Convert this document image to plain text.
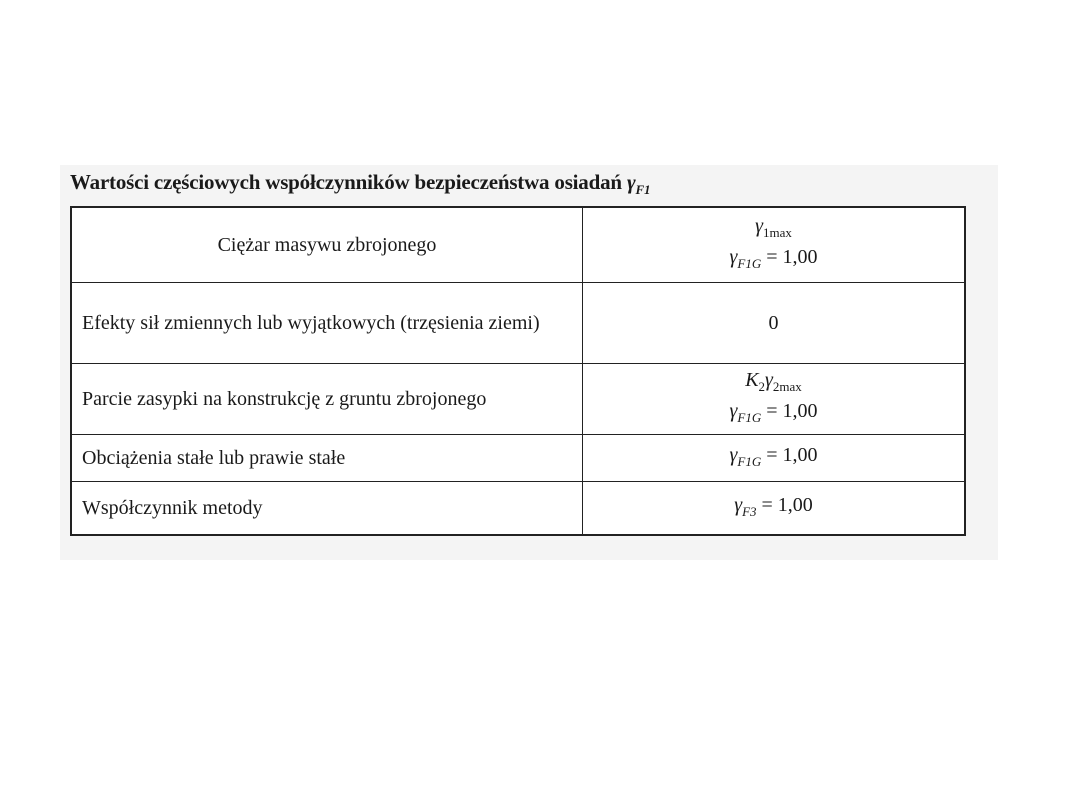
Wartości częściowych współczynników bezpieczeństwa osiadań $\gamma_{F1}$
Ciężar masywu zbrojonego	$\gamma_{1max}$
$\gamma_{F1G} = 1,00$

Efekty sił zmiennych lub wyjątkowych (trzęsienia ziemi)	0
Parcie zasypki na konstrukcję z gruntu zbrojonego	$K_2\gamma_{2max}$
$\gamma_{F1G} = 1,00$

Obciążenia stałe lub prawie stałe	$\gamma_{F1G} = 1,00$
Współczynnik metody	$\gamma_{F3} = 1,00$
